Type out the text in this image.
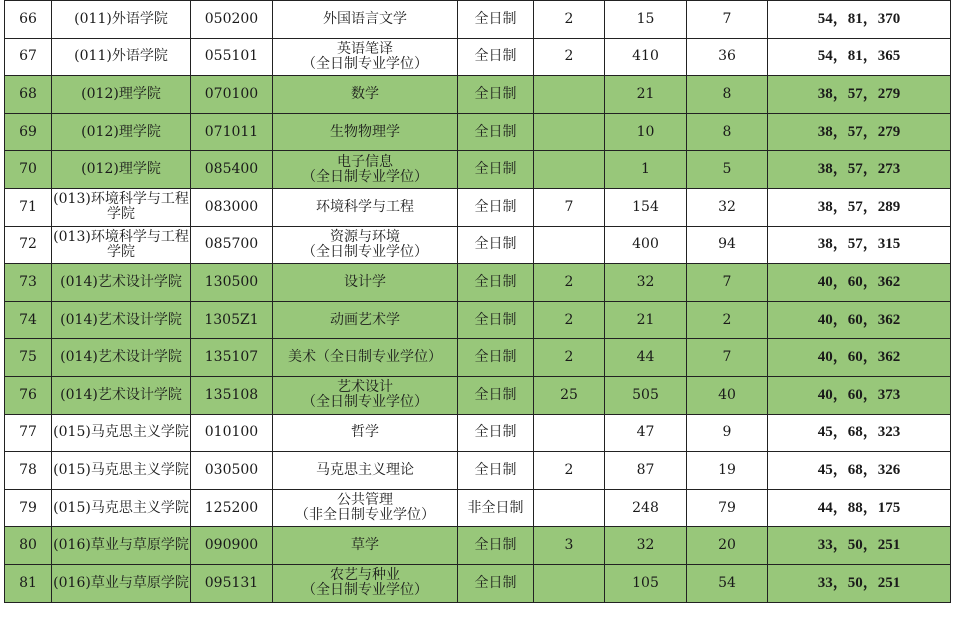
66	(011)外语学院	050200	外国语言文学	全日制	2	15	7	54，81，370
67	(011)外语学院	055101	英语笔译
（全日制专业学位）	全日制	2	410	36	54，81，365
68	(012)理学院	070100	数学	全日制		21	8	38，57，279
69	(012)理学院	071011	生物物理学	全日制		10	8	38，57，279
70	(012)理学院	085400	电子信息
（全日制专业学位）	全日制		1	5	38，57，273
71	(013)环境科学与工程学院	083000	环境科学与工程	全日制	7	154	32	38，57，289
72	(013)环境科学与工程学院	085700	资源与环境
（全日制专业学位）	全日制		400	94	38，57，315
73	(014)艺术设计学院	130500	设计学	全日制	2	32	7	40，60，362
74	(014)艺术设计学院	1305Z1	动画艺术学	全日制	2	21	2	40，60，362
75	(014)艺术设计学院	135107	美术（全日制专业学位）	全日制	2	44	7	40，60，362
76	(014)艺术设计学院	135108	艺术设计
（全日制专业学位）	全日制	25	505	40	40，60，373
77	(015)马克思主义学院	010100	哲学	全日制		47	9	45，68，323
78	(015)马克思主义学院	030500	马克思主义理论	全日制	2	87	19	45，68，326
79	(015)马克思主义学院	125200	公共管理
（非全日制专业学位）	非全日制		248	79	44，88，175
80	(016)草业与草原学院	090900	草学	全日制	3	32	20	33，50，251
81	(016)草业与草原学院	095131	农艺与种业
（全日制专业学位）	全日制		105	54	33，50，251
